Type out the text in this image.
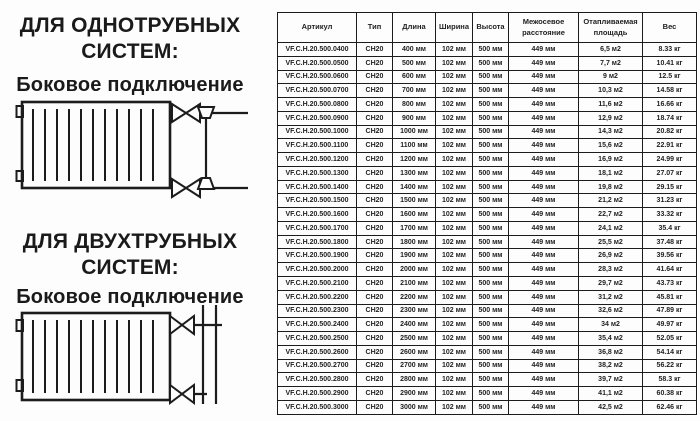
ДЛЯ ОДНОТРУБНЫХ
СИСТЕМ:
Боковое подключение
ДЛЯ ДВУХТРУБНЫХ
СИСТЕМ:
Боковое подключение
Артикул	Тип	Длина	Ширина	Высота	Межосевое расстояние	Отапливаемая площадь	Вес
VF.C.H.20.500.0400	CH20	400 мм	102 мм	500 мм	449 мм	6,5 м2	8.33 кг
VF.C.H.20.500.0500	CH20	500 мм	102 мм	500 мм	449 мм	7,7 м2	10.41 кг
VF.C.H.20.500.0600	CH20	600 мм	102 мм	500 мм	449 мм	9 м2	12.5 кг
VF.C.H.20.500.0700	CH20	700 мм	102 мм	500 мм	449 мм	10,3 м2	14.58 кг
VF.C.H.20.500.0800	CH20	800 мм	102 мм	500 мм	449 мм	11,6 м2	16.66 кг
VF.C.H.20.500.0900	CH20	900 мм	102 мм	500 мм	449 мм	12,9 м2	18.74 кг
VF.C.H.20.500.1000	CH20	1000 мм	102 мм	500 мм	449 мм	14,3 м2	20.82 кг
VF.C.H.20.500.1100	CH20	1100 мм	102 мм	500 мм	449 мм	15,6 м2	22.91 кг
VF.C.H.20.500.1200	CH20	1200 мм	102 мм	500 мм	449 мм	16,9 м2	24.99 кг
VF.C.H.20.500.1300	CH20	1300 мм	102 мм	500 мм	449 мм	18,1 м2	27.07 кг
VF.C.H.20.500.1400	CH20	1400 мм	102 мм	500 мм	449 мм	19,8 м2	29.15 кг
VF.C.H.20.500.1500	CH20	1500 мм	102 мм	500 мм	449 мм	21,2 м2	31.23 кг
VF.C.H.20.500.1600	CH20	1600 мм	102 мм	500 мм	449 мм	22,7 м2	33.32 кг
VF.C.H.20.500.1700	CH20	1700 мм	102 мм	500 мм	449 мм	24,1 м2	35.4 кг
VF.C.H.20.500.1800	CH20	1800 мм	102 мм	500 мм	449 мм	25,5 м2	37.48 кг
VF.C.H.20.500.1900	CH20	1900 мм	102 мм	500 мм	449 мм	26,9 м2	39.56 кг
VF.C.H.20.500.2000	CH20	2000 мм	102 мм	500 мм	449 мм	28,3 м2	41.64 кг
VF.C.H.20.500.2100	CH20	2100 мм	102 мм	500 мм	449 мм	29,7 м2	43.73 кг
VF.C.H.20.500.2200	CH20	2200 мм	102 мм	500 мм	449 мм	31,2 м2	45.81 кг
VF.C.H.20.500.2300	CH20	2300 мм	102 мм	500 мм	449 мм	32,6 м2	47.89 кг
VF.C.H.20.500.2400	CH20	2400 мм	102 мм	500 мм	449 мм	34 м2	49.97 кг
VF.C.H.20.500.2500	CH20	2500 мм	102 мм	500 мм	449 мм	35,4 м2	52.05 кг
VF.C.H.20.500.2600	CH20	2600 мм	102 мм	500 мм	449 мм	36,8 м2	54.14 кг
VF.C.H.20.500.2700	CH20	2700 мм	102 мм	500 мм	449 мм	38,2 м2	56.22 кг
VF.C.H.20.500.2800	CH20	2800 мм	102 мм	500 мм	449 мм	39,7 м2	58.3 кг
VF.C.H.20.500.2900	CH20	2900 мм	102 мм	500 мм	449 мм	41,1 м2	60.38 кг
VF.C.H.20.500.3000	CH20	3000 мм	102 мм	500 мм	449 мм	42,5 м2	62.46 кг
